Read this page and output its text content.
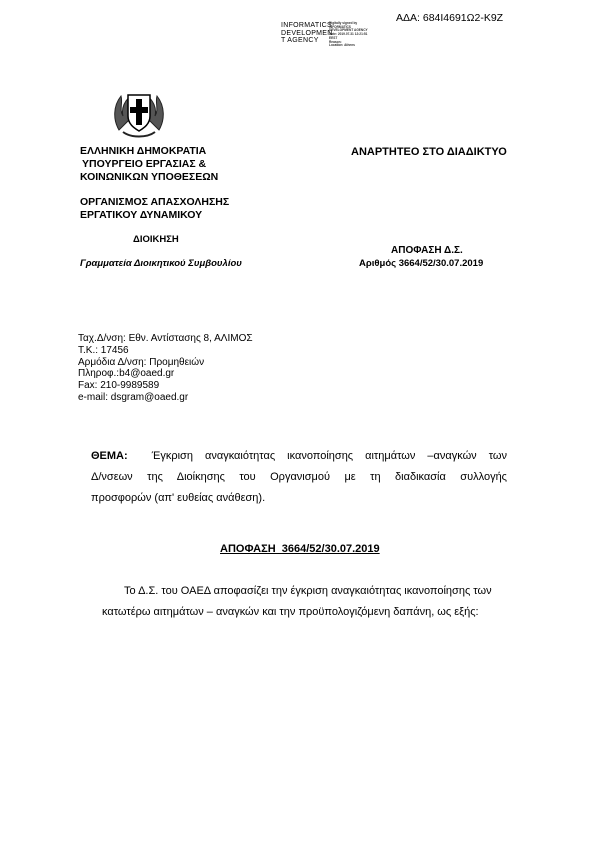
ΑΔΑ: 684Ι4691Ω2-Κ9Ζ
INFORMATICS
DEVELOPMEN
T AGENCY
Digitally signed by
INFORMATICS
DEVELOPMENT AGENCY
Date: 2019.07.31 12:21:51
EEST
Reason:
Location: Athens
ΕΛΛΗΝΙΚΗ ΔΗΜΟΚΡΑΤΙΑ
ΥΠΟΥΡΓΕΙΟ ΕΡΓΑΣΙΑΣ &
ΚΟΙΝΩΝΙΚΩΝ ΥΠΟΘΕΣΕΩΝ
ΟΡΓΑΝΙΣΜΟΣ ΑΠΑΣΧΟΛΗΣΗΣ
ΕΡΓΑΤΙΚΟΥ ΔΥΝΑΜΙΚΟΥ
ΔΙΟΙΚΗΣΗ
Γραμματεία Διοικητικού Συμβουλίου
ΑΝΑΡΤΗΤΕΟ ΣΤΟ ΔΙΑΔΙΚΤΥΟ
ΑΠΟΦΑΣΗ Δ.Σ.
Αριθμός 3664/52/30.07.2019
Ταχ.Δ/νση: Εθν. Αντίστασης 8, ΑΛΙΜΟΣ
Τ.Κ.: 17456
Αρμόδια Δ/νση: Προμηθειών
Πληροφ.:b4@oaed.gr
Fax: 210-9989589
e-mail: dsgram@oaed.gr
ΘΕΜΑ: Έγκριση αναγκαιότητας ικανοποίησης αιτημάτων –αναγκών των
Δ/νσεων της Διοίκησης του Οργανισμού με τη διαδικασία συλλογής
προσφορών (απ' ευθείας ανάθεση).
ΑΠΟΦΑΣΗ  3664/52/30.07.2019
Το Δ.Σ. του ΟΑΕΔ αποφασίζει την έγκριση αναγκαιότητας ικανοποίησης των
κατωτέρω αιτημάτων – αναγκών και την προϋπολογιζόμενη δαπάνη, ως εξής:
